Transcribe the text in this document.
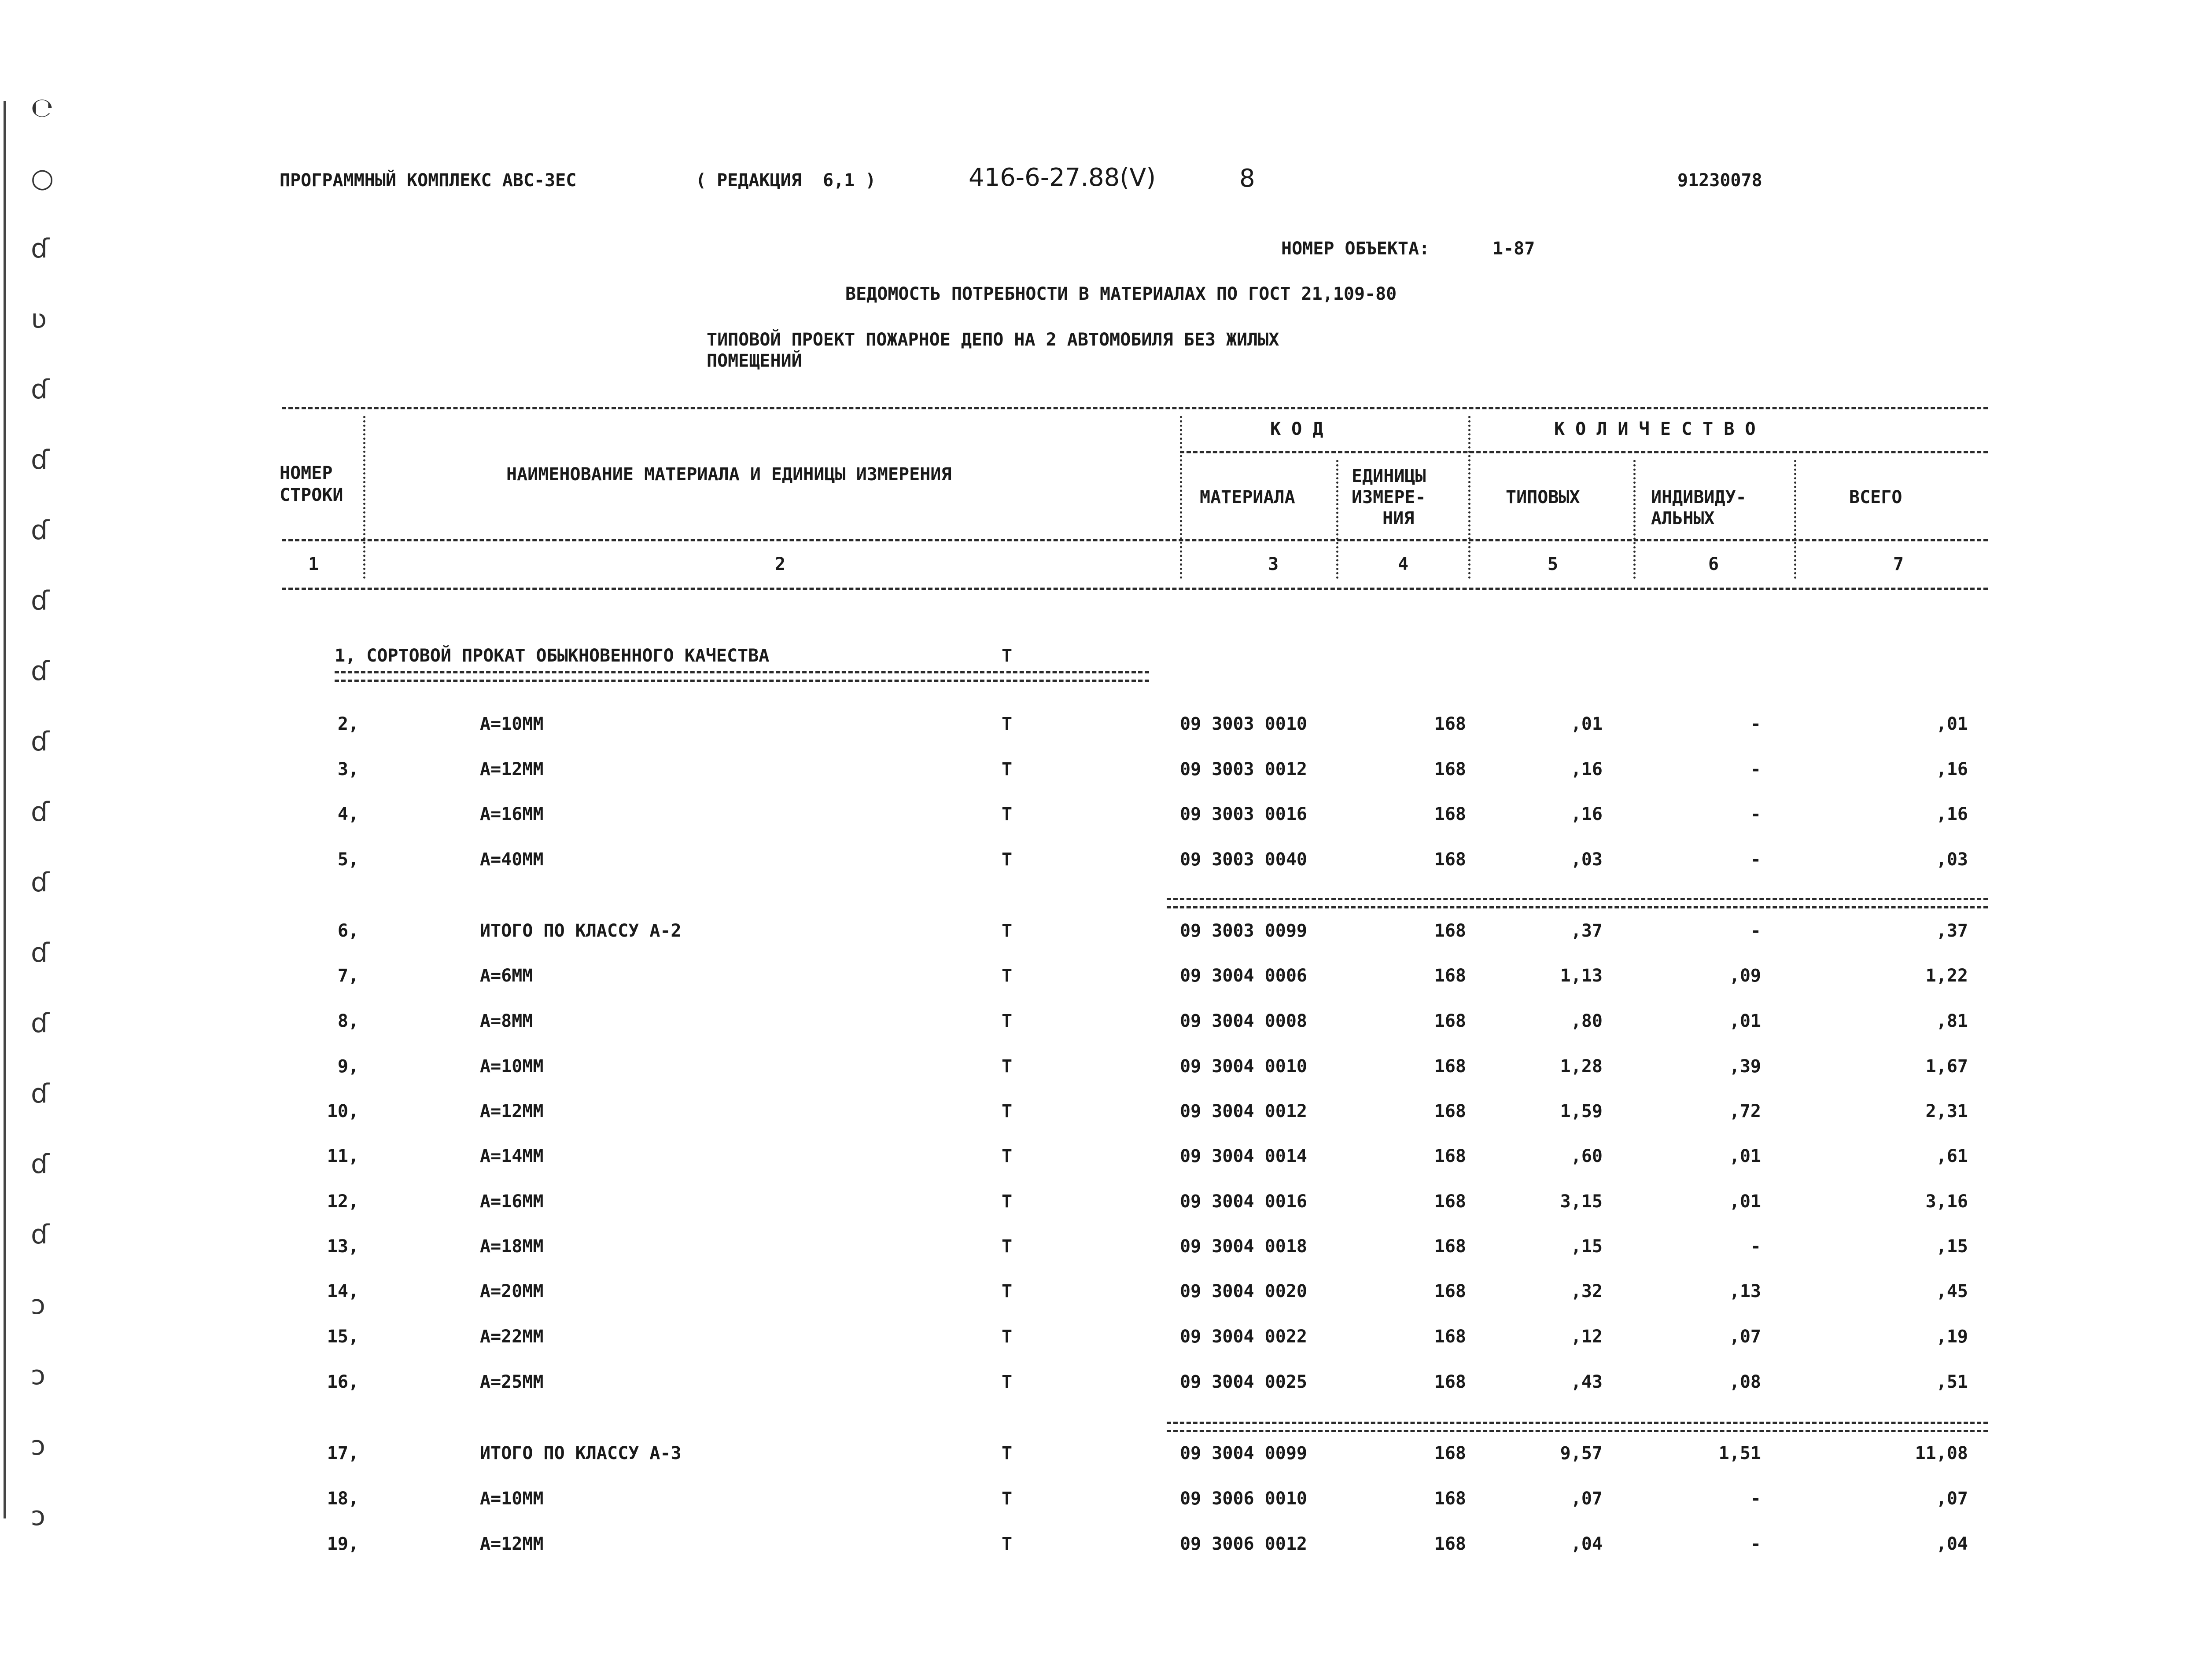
℮
○
ɗ
ʋ
ɗ
ɗ
ɗ
ɗ
ɗ
ɗ
ɗ
ɗ
ɗ
ɗ
ɗ
ɗ
ɗ
ɔ
ɔ
ɔ
ɔ
ПРОГРАММНЫЙ КОМПЛЕКС АВС-ЗЕС	( РЕДАКЦИЯ  6,1 )	416-6-27.88(V)	8	91230078
НОМЕР ОБЪЕКТА:	1-87
ВЕДОМОСТЬ ПОТРЕБНОСТИ В МАТЕРИАЛАХ ПО ГОСТ 21,109-80
ТИПОВОЙ ПРОЕКТ ПОЖАРНОЕ ДЕПО НА 2 АВТОМОБИЛЯ БЕЗ ЖИЛЫХ
ПОМЕЩЕНИЙ
НОМЕР
СТРОКИ
НАИМЕНОВАНИЕ МАТЕРИАЛА И ЕДИНИЦЫ ИЗМЕРЕНИЯ
К О Д	К О Л И Ч Е С Т В О
МАТЕРИАЛА
ЕДИНИЦЫ
ИЗМЕРЕ-
НИЯ
ТИПОВЫХ	ИНДИВИДУ-
АЛЬНЫХ
ВСЕГО
1	2	3	4	5	6	7
1, СОРТОВОЙ ПРОКАТ ОБЫКНОВЕННОГО КАЧЕСТВА	Т
2,	А=10ММ	Т	09 3003 0010	168	,01	-	,01
3,	А=12ММ	Т	09 3003 0012	168	,16	-	,16
4,	А=16ММ	Т	09 3003 0016	168	,16	-	,16
5,	А=40ММ	Т	09 3003 0040	168	,03	-	,03
6,	ИТОГО ПО КЛАССУ А-2	Т	09 3003 0099	168	,37	-	,37
7,	А=6ММ	Т	09 3004 0006	168	1,13	,09	1,22
8,	А=8ММ	Т	09 3004 0008	168	,80	,01	,81
9,	А=10ММ	Т	09 3004 0010	168	1,28	,39	1,67
10,	А=12ММ	Т	09 3004 0012	168	1,59	,72	2,31
11,	А=14ММ	Т	09 3004 0014	168	,60	,01	,61
12,	А=16ММ	Т	09 3004 0016	168	3,15	,01	3,16
13,	А=18ММ	Т	09 3004 0018	168	,15	-	,15
14,	А=20ММ	Т	09 3004 0020	168	,32	,13	,45
15,	А=22ММ	Т	09 3004 0022	168	,12	,07	,19
16,	А=25ММ	Т	09 3004 0025	168	,43	,08	,51
17,	ИТОГО ПО КЛАССУ А-3	Т	09 3004 0099	168	9,57	1,51	11,08
18,	А=10ММ	Т	09 3006 0010	168	,07	-	,07
19,	А=12ММ	Т	09 3006 0012	168	,04	-	,04
